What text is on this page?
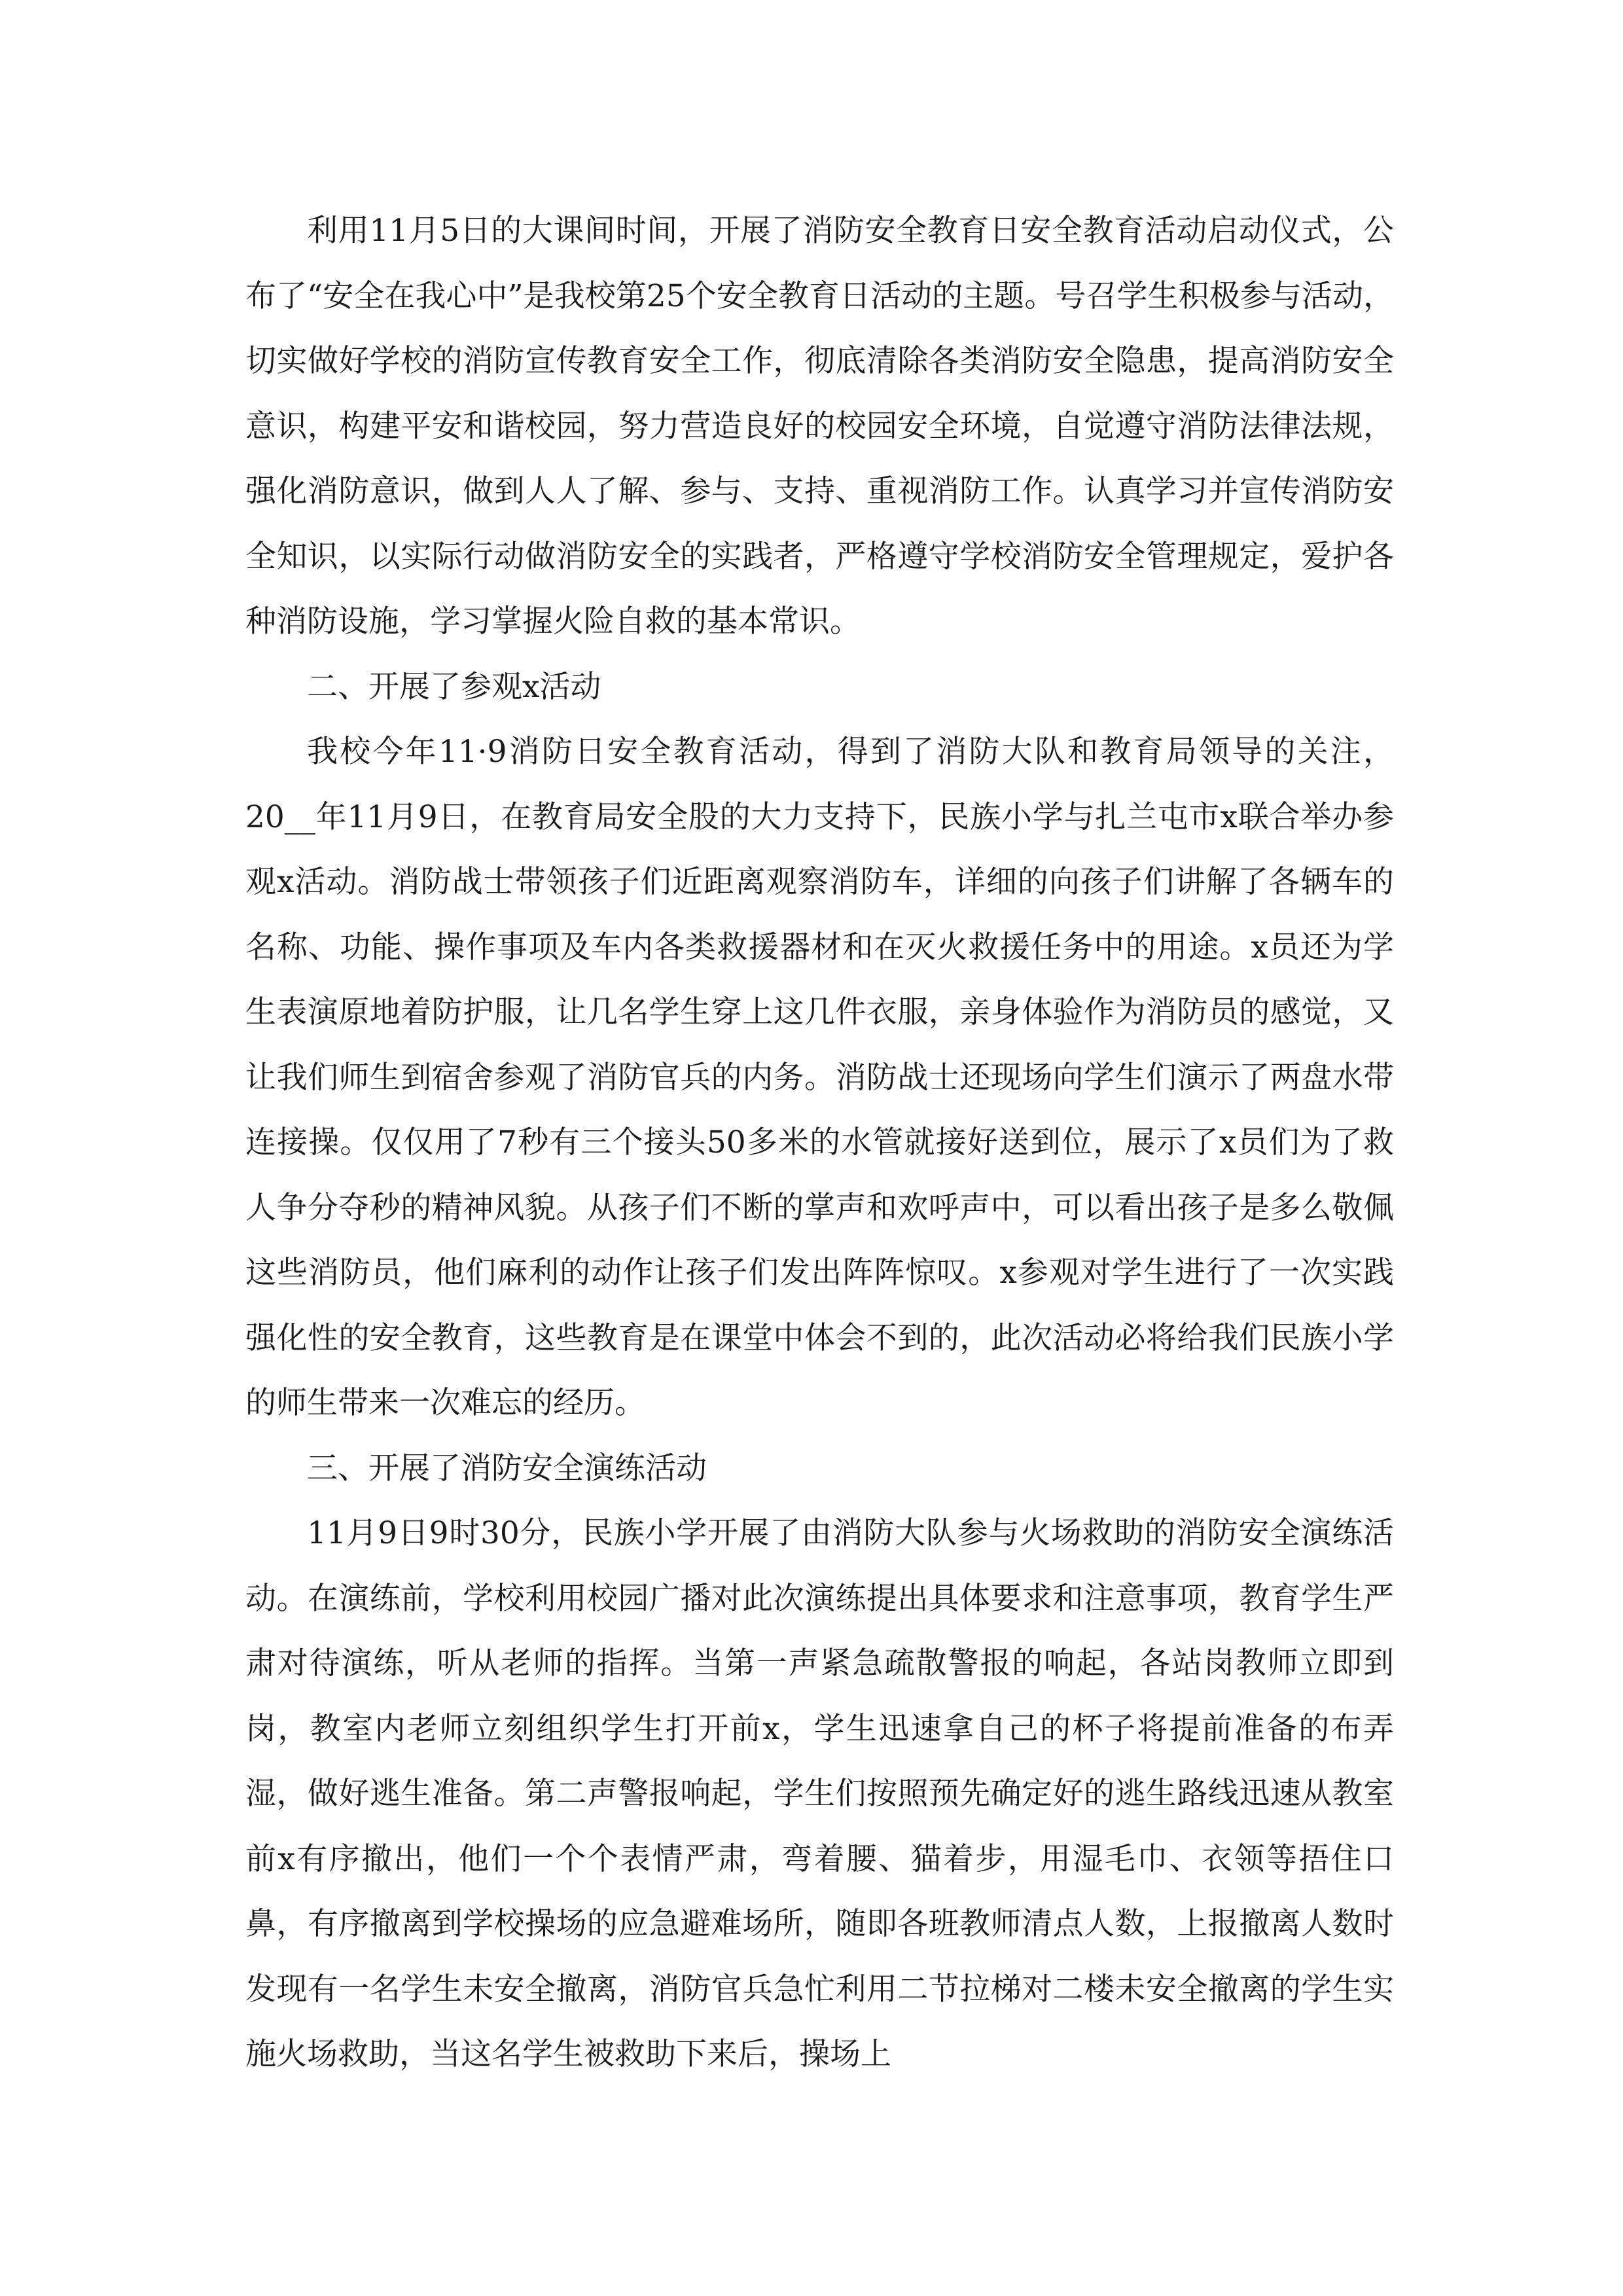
利用11月5日的大课间时间，开展了消防安全教育日安全教育活动启动仪式，公布了“安全在我心中”是我校第25个安全教育日活动的主题。号召学生积极参与活动，切实做好学校的消防宣传教育安全工作，彻底清除各类消防安全隐患，提高消防安全意识，构建平安和谐校园，努力营造良好的校园安全环境，自觉遵守消防法律法规，强化消防意识，做到人人了解、参与、支持、重视消防工作。认真学习并宣传消防安全知识，以实际行动做消防安全的实践者，严格遵守学校消防安全管理规定，爱护各种消防设施，学习掌握火险自救的基本常识。

二、开展了参观x活动

我校今年11·9消防日安全教育活动，得到了消防大队和教育局领导的关注，20__年11月9日，在教育局安全股的大力支持下，民族小学与扎兰屯市x联合举办参观x活动。消防战士带领孩子们近距离观察消防车，详细的向孩子们讲解了各辆车的名称、功能、操作事项及车内各类救援器材和在灭火救援任务中的用途。x员还为学生表演原地着防护服，让几名学生穿上这几件衣服，亲身体验作为消防员的感觉，又让我们师生到宿舍参观了消防官兵的内务。消防战士还现场向学生们演示了两盘水带连接操。仅仅用了7秒有三个接头50多米的水管就接好送到位，展示了x员们为了救人争分夺秒的精神风貌。从孩子们不断的掌声和欢呼声中，可以看出孩子是多么敬佩这些消防员，他们麻利的动作让孩子们发出阵阵惊叹。x参观对学生进行了一次实践强化性的安全教育，这些教育是在课堂中体会不到的，此次活动必将给我们民族小学的师生带来一次难忘的经历。

三、开展了消防安全演练活动

11月9日9时30分，民族小学开展了由消防大队参与火场救助的消防安全演练活动。在演练前，学校利用校园广播对此次演练提出具体要求和注意事项，教育学生严肃对待演练，听从老师的指挥。当第一声紧急疏散警报的响起，各站岗教师立即到岗，教室内老师立刻组织学生打开前x，学生迅速拿自己的杯子将提前准备的布弄湿，做好逃生准备。第二声警报响起，学生们按照预先确定好的逃生路线迅速从教室前x有序撤出，他们一个个表情严肃，弯着腰、猫着步，用湿毛巾、衣领等捂住口鼻，有序撤离到学校操场的应急避难场所，随即各班教师清点人数，上报撤离人数时发现有一名学生未安全撤离，消防官兵急忙利用二节拉梯对二楼未安全撤离的学生实施火场救助，当这名学生被救助下来后，操场上
